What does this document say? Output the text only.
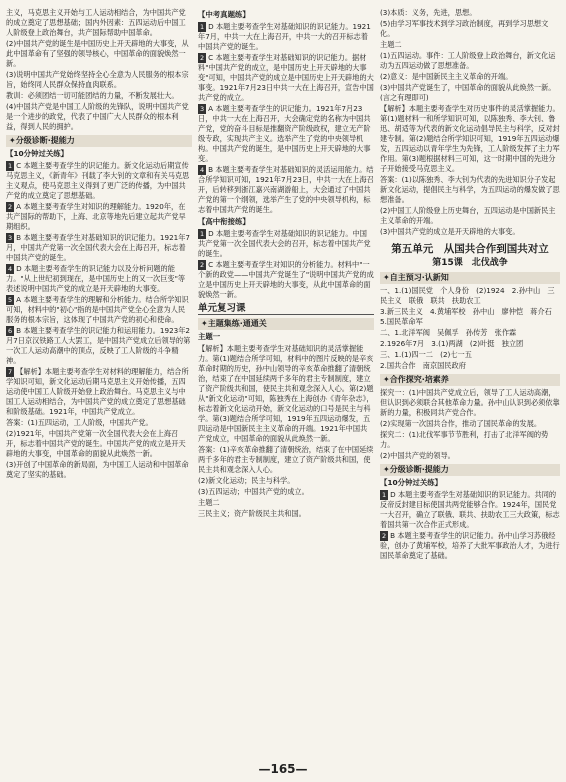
主义，马克思主义开始与工人运动相结合，为中国共产党的成立奠定了思想基础；国内外因素：五四运动后中国工人阶级登上政治舞台，共产国际帮助中国革命。

(2)中国共产党的诞生是中国历史上开天辟地的大事变，从此中国革命有了坚强的领导核心，中国革命的面貌焕然一新。

(3)说明中国共产党始终坚持全心全意为人民服务的根本宗旨，始终同人民群众保持血肉联系。

教训：必须团结一切可能团结的力量，不断发展壮大。

(4)中国共产党是中国工人阶级的先锋队，说明中国共产党是一个进步的政党，代表了中国广大人民群众的根本利益，得到人民的拥护。

✦分级诊断·提能力
【10分钟过关练】

1 C 本题主要考查学生的识记能力。新文化运动后期宣传马克思主义，《新青年》刊载了李大钊的文章和有关马克思主义观点，使马克思主义得到了更广泛的传播，为中国共产党的成立奠定了思想基础。

2 A 本题主要考查学生对知识的理解能力。1920年，在共产国际的帮助下，上海、北京等地先后建立起共产党早期组织。

3 B 本题主要考查学生对基础知识的识记能力。1921年7月，中国共产党第一次全国代表大会在上海召开，标志着中国共产党的诞生。

4 D 本题主要考查学生的识记能力以及分析问题的能力。"从上世纪初到现在，是中国历史上的又一次巨变"等表述说明中国共产党的成立是开天辟地的大事变。

5 A 本题主要考查学生的理解和分析能力。结合所学知识可知，材料中的"初心"指的是中国共产党全心全意为人民服务的根本宗旨，这体现了中国共产党的初心和使命。

6 B 本题主要考查学生的识记能力和运用能力。1923年2月7日京汉铁路工人大罢工，是中国共产党成立后领导的第一次工人运动高潮中的顶点，反映了工人阶级的斗争精神。

7 【解析】本题主要考查学生对材料的理解能力，结合所学知识可知，新文化运动后期马克思主义开始传播，五四运动使中国工人阶级开始登上政治舞台。马克思主义与中国工人运动相结合，为中国共产党的成立奠定了思想基础和阶级基础。1921年，中国共产党成立。

答案：(1)五四运动，工人阶级，中国共产党。

(2)1921年，中国共产党第一次全国代表大会在上海召开，标志着中国共产党的诞生。中国共产党的成立是开天辟地的大事变，中国革命的面貌从此焕然一新。

(3)开创了中国革命的新局面，为中国工人运动和中国革命奠定了坚实的基础。

【中考真题练】

1 D 本题主要考查学生对基础知识的识记能力。1921年7月，中共一大在上海召开，中共一大的召开标志着中国共产党的诞生。

2 C 本题主要考查学生对基础知识的识记能力。据材料"中国共产党的成立，是中国历史上开天辟地的大事变"可知，中国共产党的成立是中国历史上开天辟地的大事变。1921年7月23日中共一大在上海召开，宣告中国共产党的成立。

3 A 本题主要考查学生的识记能力。1921年7月23日，中共一大在上海召开，大会确定党的名称为中国共产党，党的奋斗目标是推翻资产阶级政权，建立无产阶级专政，实现共产主义。选举产生了党的中央领导机构。中国共产党的诞生，是中国历史上开天辟地的大事变。

4 B 本题主要考查学生对基础知识的灵活运用能力。结合所学知识可知，1921年7月23日，中共一大在上海召开，后转移到浙江嘉兴南湖游船上，大会通过了中国共产党的第一个纲领，选举产生了党的中央领导机构，标志着中国共产党的诞生。

【高中衔接练】

1 D 本题主要考查学生对基础知识的识记能力。中国共产党第一次全国代表大会的召开，标志着中国共产党的诞生。

2 C 本题主要考查学生对知识的分析能力。材料中"一个新的政党——中国共产党诞生了"说明中国共产党的成立是中国历史上开天辟地的大事变，从此中国革命的面貌焕然一新。

单元复习课
✦主题集练·通通关
主题一

【解析】本题主要考查学生对基础知识的灵活掌握能力。第(1)题结合所学可知，材料中的图片反映的是辛亥革命时期的历史，孙中山领导的辛亥革命推翻了清朝统治，结束了在中国延续两千多年的君主专制制度，建立了资产阶级共和国，使民主共和观念深入人心。第(2)题从"新文化运动"可知，陈独秀在上海创办《青年杂志》，标志着新文化运动开始，新文化运动的口号是民主与科学。第(3)题结合所学可知，1919年五四运动爆发，五四运动是中国新民主主义革命的开端。1921年中国共产党成立，中国革命的面貌从此焕然一新。

答案：(1)辛亥革命推翻了清朝统治，结束了在中国延续两千多年的君主专制制度，建立了资产阶级共和国，使民主共和观念深入人心。

(2)新文化运动；民主与科学。

(3)五四运动；中国共产党的成立。

主题二

三民主义；资产阶级民主共和国。

(3)本质：义务，先进，思想。

(5)由学习军事技术到学习政治制度，再到学习思想文化。

主题二

(1)五四运动。事件：工人阶级登上政治舞台，新文化运动为五四运动做了思想准备。

(2)意义：是中国新民主主义革命的开端。

(3)中国共产党诞生了，中国革命的面貌从此焕然一新。(言之有理即可)

【解析】本题主要考查学生对历史事件的灵活掌握能力。第(1)题材料一和所学知识可知，以陈独秀、李大钊、鲁迅、胡适等为代表的新文化运动倡导民主与科学，反对封建专制。第(2)题结合所学知识可知，1919年五四运动爆发，五四运动以青年学生为先锋，工人阶级发挥了主力军作用。第(3)题根据材料三可知，这一时期中国的先进分子开始接受马克思主义。

答案：(1)以陈独秀、李大钊为代表的先进知识分子发起新文化运动，提倡民主与科学，为五四运动的爆发做了思想准备。

(2)中国工人阶级登上历史舞台，五四运动是中国新民主主义革命的开端。

(3)中国共产党的成立是开天辟地的大事变。

第五单元　从国共合作到国共对立
第15课　北伐战争
✦自主预习·认新知

一、1.(1)国民党　个人身份　(2)1924　2.孙中山　三民主义　联俄　联共　扶助农工

3.新三民主义　4.黄埔军校　孙中山　廖仲恺　蒋介石　5.国民革命军

二、1.北洋军阀　吴佩孚　孙传芳　张作霖

2.1926年7月　3.(1)两湖　(2)叶挺　独立团

三、1.(1)四一二　(2)七一五

2.国共合作　南京国民政府

✦合作探究·培素养

探究一：(1)中国共产党成立后，领导了工人运动高潮，但认识到必须联合其他革命力量。孙中山认识到必须依靠新的力量，积极同共产党合作。

(2)实现第一次国共合作，推动了国民革命的发展。

探究二：(1)北伐军事节节胜利，打击了北洋军阀的势力。

(2)中国共产党的领导。

✦分级诊断·提能力
【10分钟过关练】

1 D 本题主要考查学生对基础知识的识记能力。共同的反帝反封建目标使国共两党能够合作。1924年，国民党一大召开，确立了联俄、联共、扶助农工三大政策，标志着国共第一次合作正式形成。

2 B 本题主要考查学生的识记能力。孙中山学习苏俄经验，创办了黄埔军校，培养了大批军事政治人才，为进行国民革命奠定了基础。

—165—
